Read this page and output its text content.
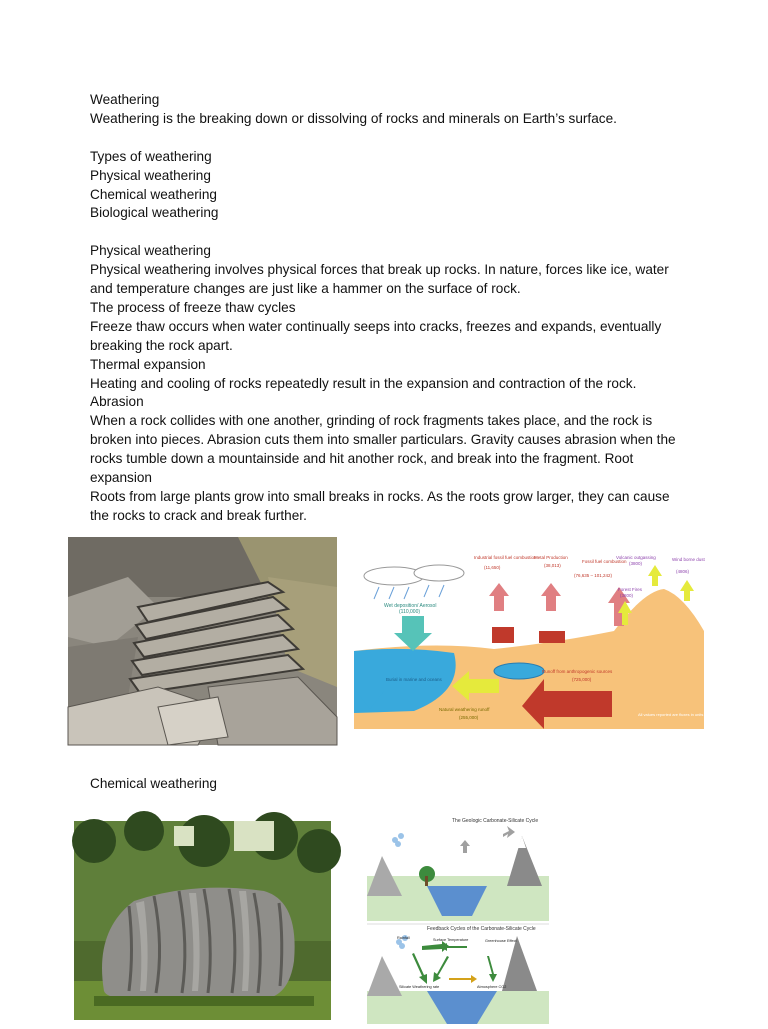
Weathering

Weathering is the breaking down or dissolving of rocks and minerals on Earth’s surface.

Types of weathering

Physical weathering

Chemical weathering

Biological weathering

Physical weathering

Physical weathering involves physical forces that break up rocks. In nature, forces like ice, water and temperature changes are just like a hammer on the surface of rock.

The process of freeze thaw cycles

Freeze thaw occurs when water continually seeps into cracks, freezes and expands, eventually breaking the rock apart.

Thermal expansion

Heating and cooling of rocks repeatedly result in the expansion and contraction of the rock.

Abrasion

When a rock collides with one another, grinding of rock fragments takes place, and the rock is broken into pieces. Abrasion cuts them into smaller particulars. Gravity causes abrasion when the rocks tumble down a mountainside and hit another rock, and break into the fragment. Root expansion

Roots from large plants grow into small breaks in rocks. As the roots grow larger, they can cause the rocks to crack and break further.

Wet deposition/ Aerosol
(110,000)
Industrial fossil fuel combustion
(11,650)
Metal Production
(38,013)
Fossil fuel combustion
(76,635 – 101,242)
Volcanic outgassing
(3800)
Wind borne dust
(4806)
Forest Fires
(3800)
Burial in marine and oceans
Runoff from anthropogenic sources
(725,000)
Natural weathering runoff
(255,000)
All values reported are fluxes in units of MtC/yr
Chemical weathering
The Geologic Carbonate-Silicate Cycle
Feedback Cycles of the Carbonate-Silicate Cycle
Rainfall	Surface Temperature	Greenhouse Effect
Silicate Weathering rate	Atmosphere CO2
